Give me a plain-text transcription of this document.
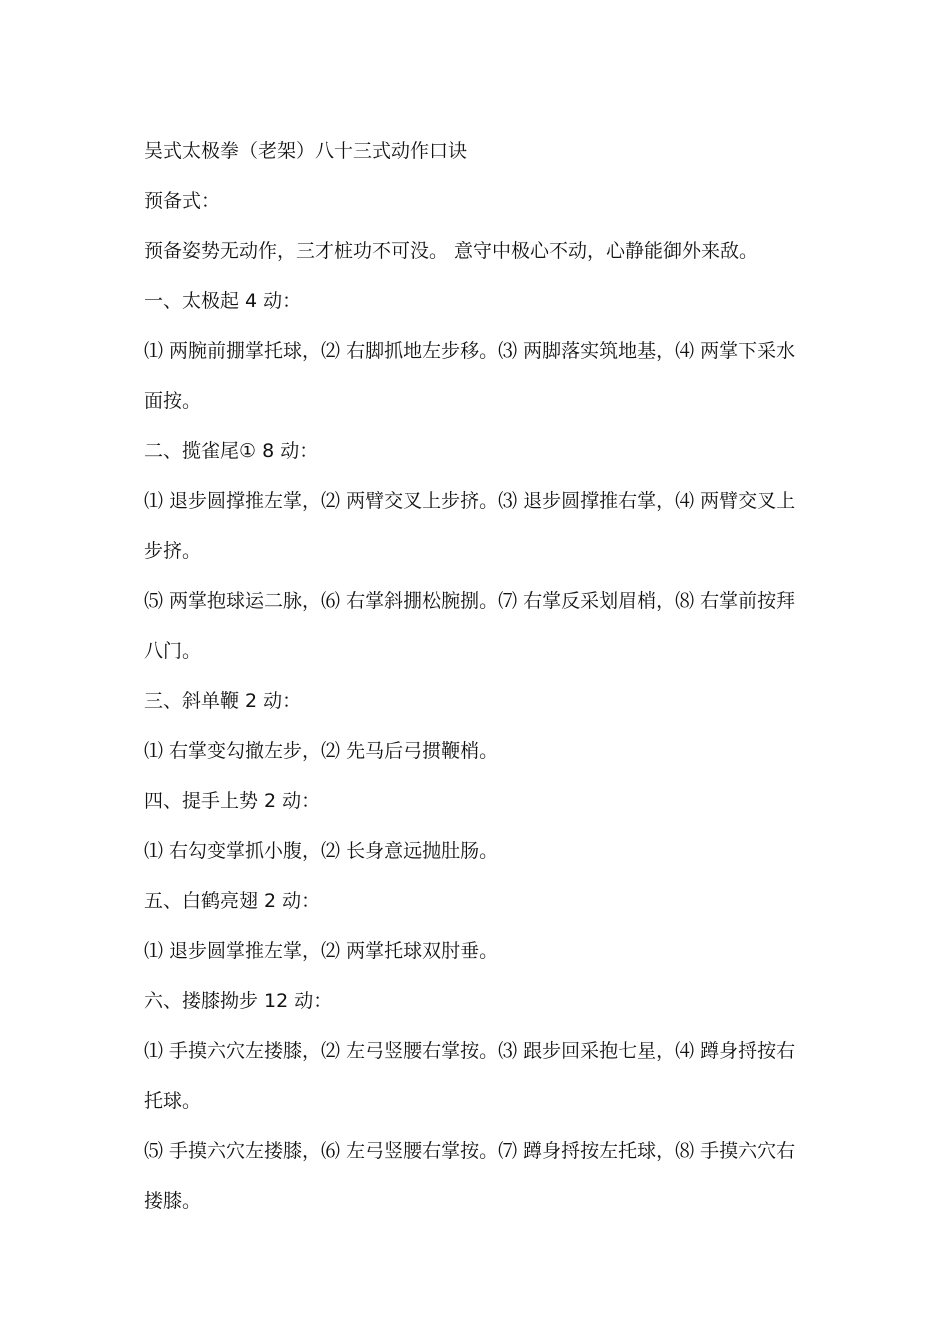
吴式太极拳（老架）八十三式动作口诀
预备式：
预备姿势无动作，三才桩功不可没。 意守中极心不动，心静能御外来敌。
一、太极起 4 动：
⑴ 两腕前掤掌托球，⑵ 右脚抓地左步移。⑶ 两脚落实筑地基，⑷ 两掌下采水
面按。
二、揽雀尾① 8 动：
⑴ 退步圆撑推左掌，⑵ 两臂交叉上步挤。⑶ 退步圆撑推右掌，⑷ 两臂交叉上
步挤。
⑸ 两掌抱球运二脉，⑹ 右掌斜掤松腕捌。⑺ 右掌反采划眉梢，⑻ 右掌前按拜
八门。
三、斜单鞭 2 动：
⑴ 右掌变勾撤左步，⑵ 先马后弓掼鞭梢。
四、提手上势 2 动：
⑴ 右勾变掌抓小腹，⑵ 长身意远抛肚肠。
五、白鹤亮翅 2 动：
⑴ 退步圆掌推左掌，⑵ 两掌托球双肘垂。
六、搂膝拗步 12 动：
⑴ 手摸六穴左搂膝，⑵ 左弓竖腰右掌按。⑶ 跟步回采抱七星，⑷ 蹲身捋按右
托球。
⑸ 手摸六穴左搂膝，⑹ 左弓竖腰右掌按。⑺ 蹲身捋按左托球，⑻ 手摸六穴右
搂膝。
